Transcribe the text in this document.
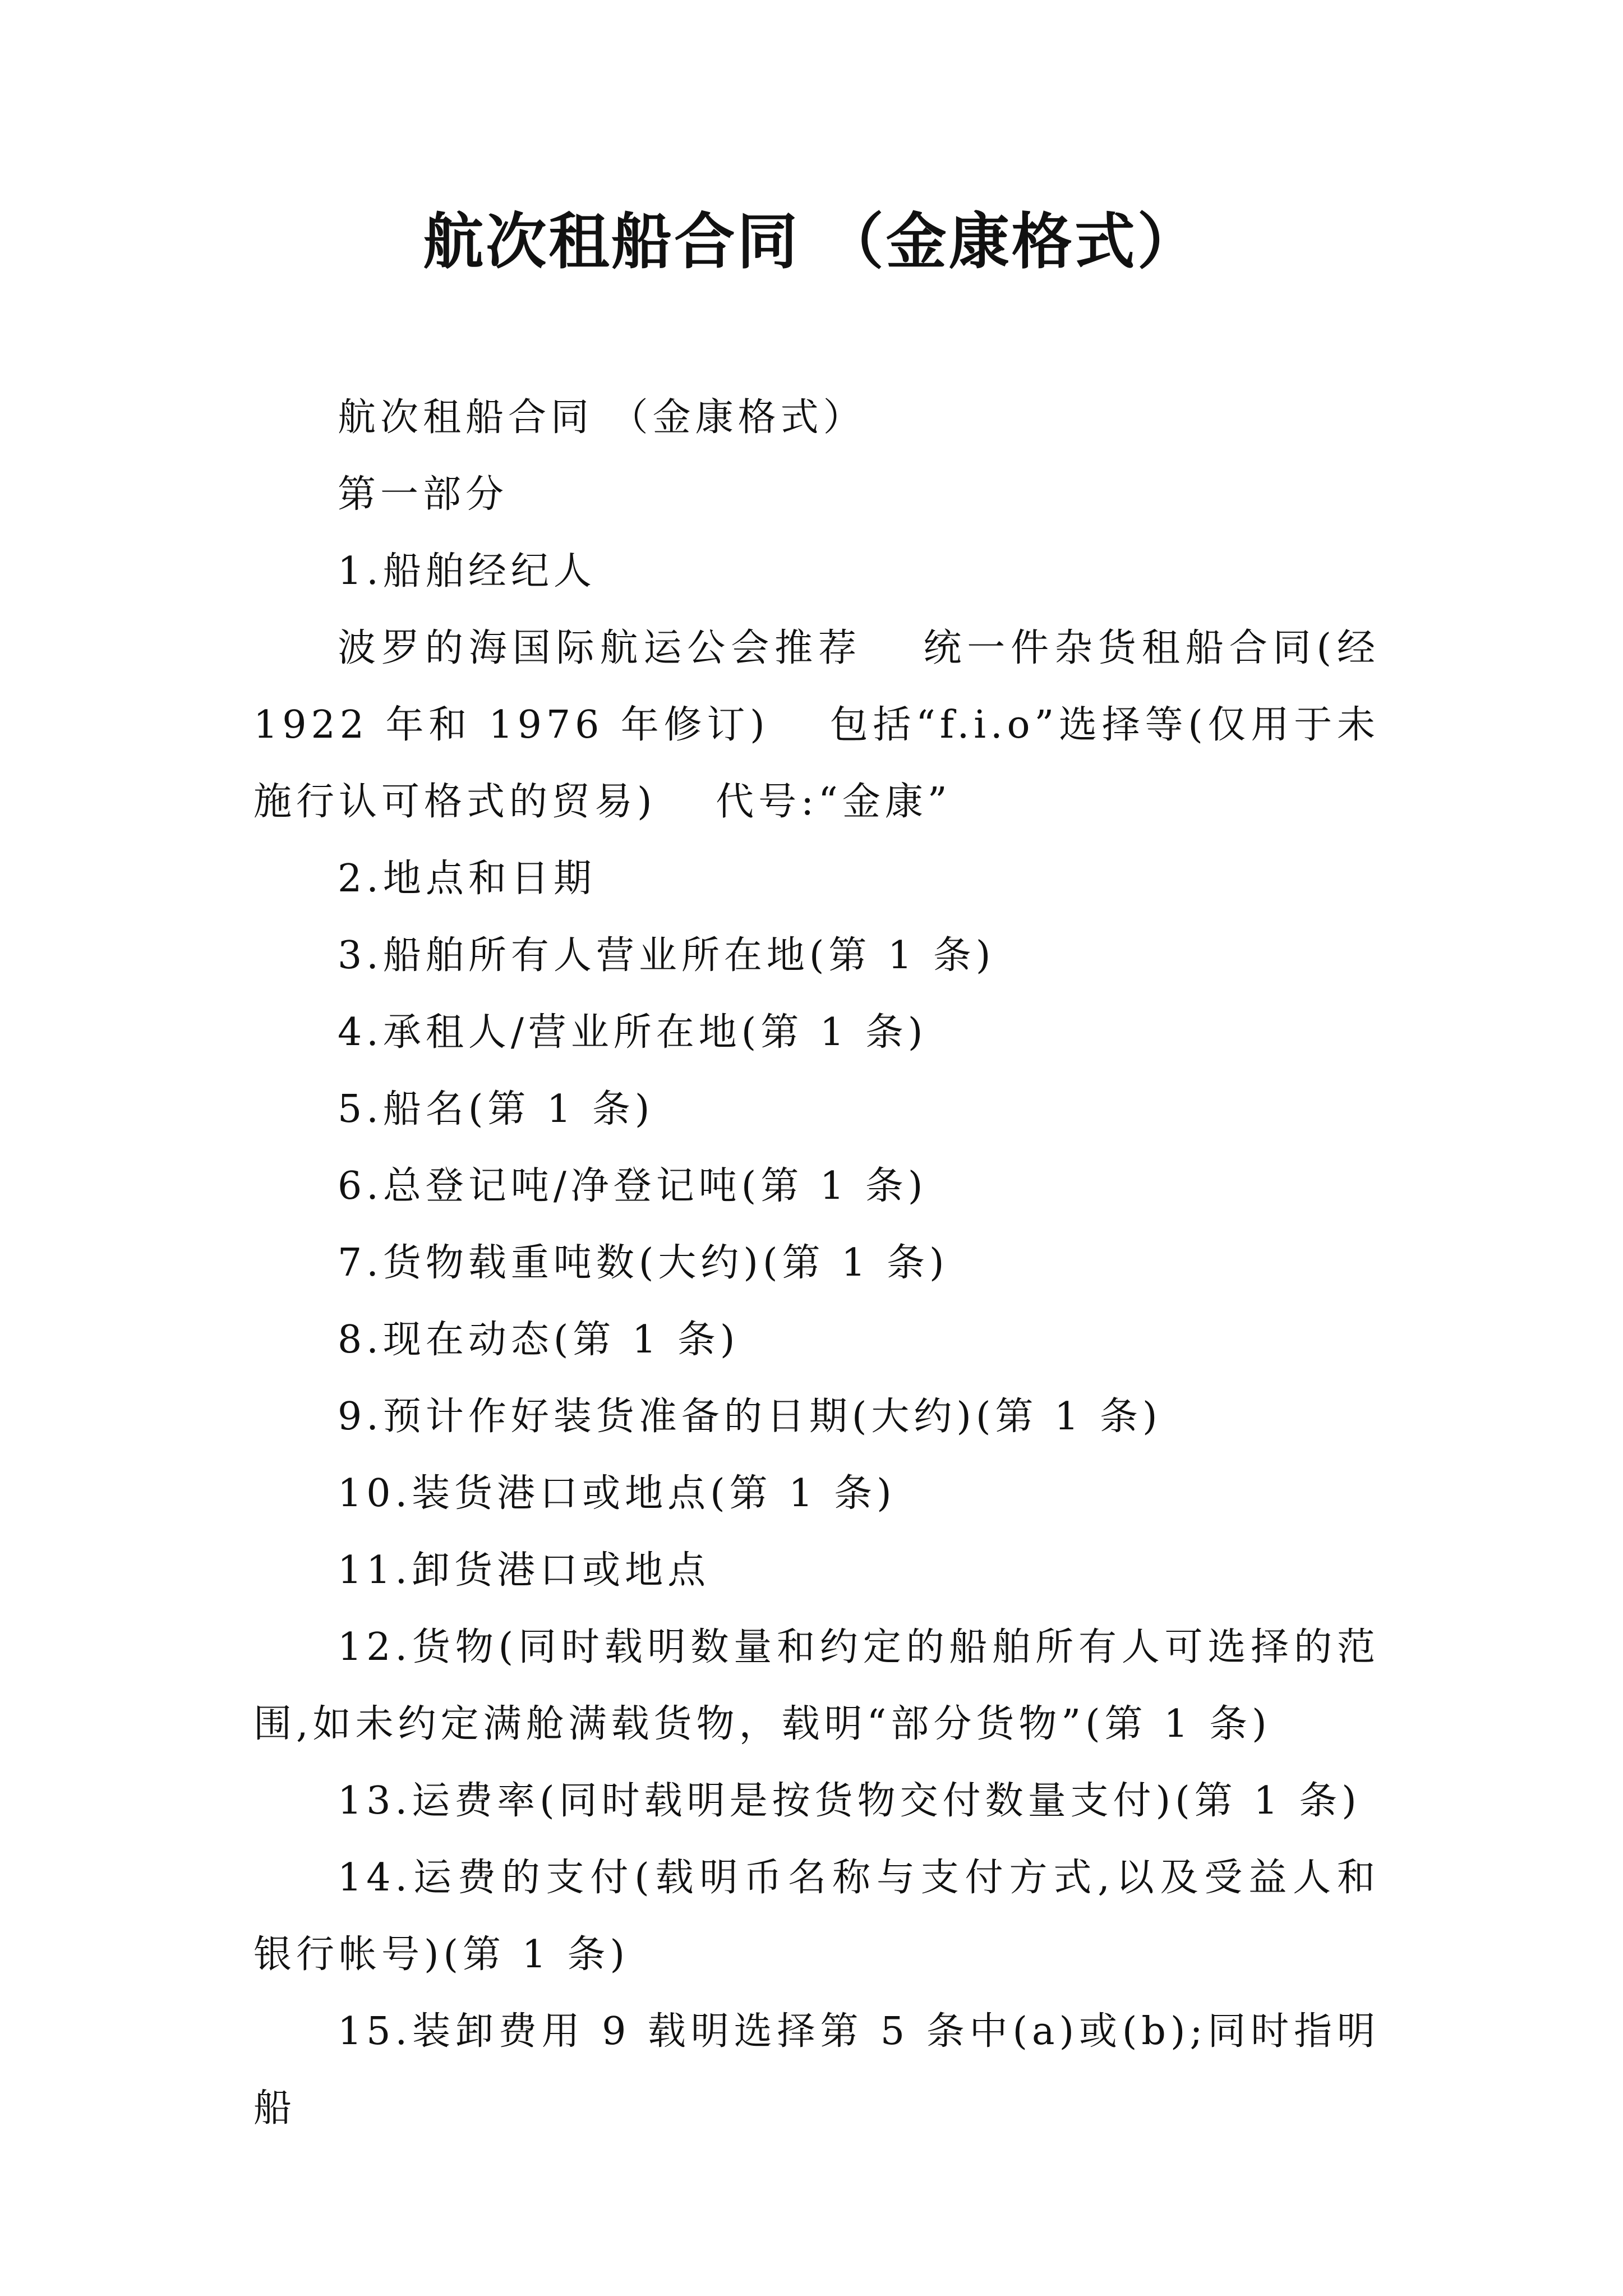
航次租船合同 （金康格式）

航次租船合同 （金康格式）

第一部分

1.船舶经纪人

波罗的海国际航运公会推荐　 统一件杂货租船合同(经 1922 年和 1976 年修订)　 包括“f.i.o”选择等(仅用于未施行认可格式的贸易)　 代号:“金康”

2.地点和日期

3.船舶所有人营业所在地(第 1 条)

4.承租人/营业所在地(第 1 条)

5.船名(第 1 条)

6.总登记吨/净登记吨(第 1 条)

7.货物载重吨数(大约)(第 1 条)

8.现在动态(第 1 条)

9.预计作好装货准备的日期(大约)(第 1 条)

10.装货港口或地点(第 1 条)

11.卸货港口或地点

12.货物(同时载明数量和约定的船舶所有人可选择的范围,如未约定满舱满载货物，载明“部分货物”(第 1 条)

13.运费率(同时载明是按货物交付数量支付)(第 1 条)

14.运费的支付(载明币名称与支付方式,以及受益人和银行帐号)(第 1 条)

15.装卸费用 9 载明选择第 5 条中(a)或(b);同时指明船
